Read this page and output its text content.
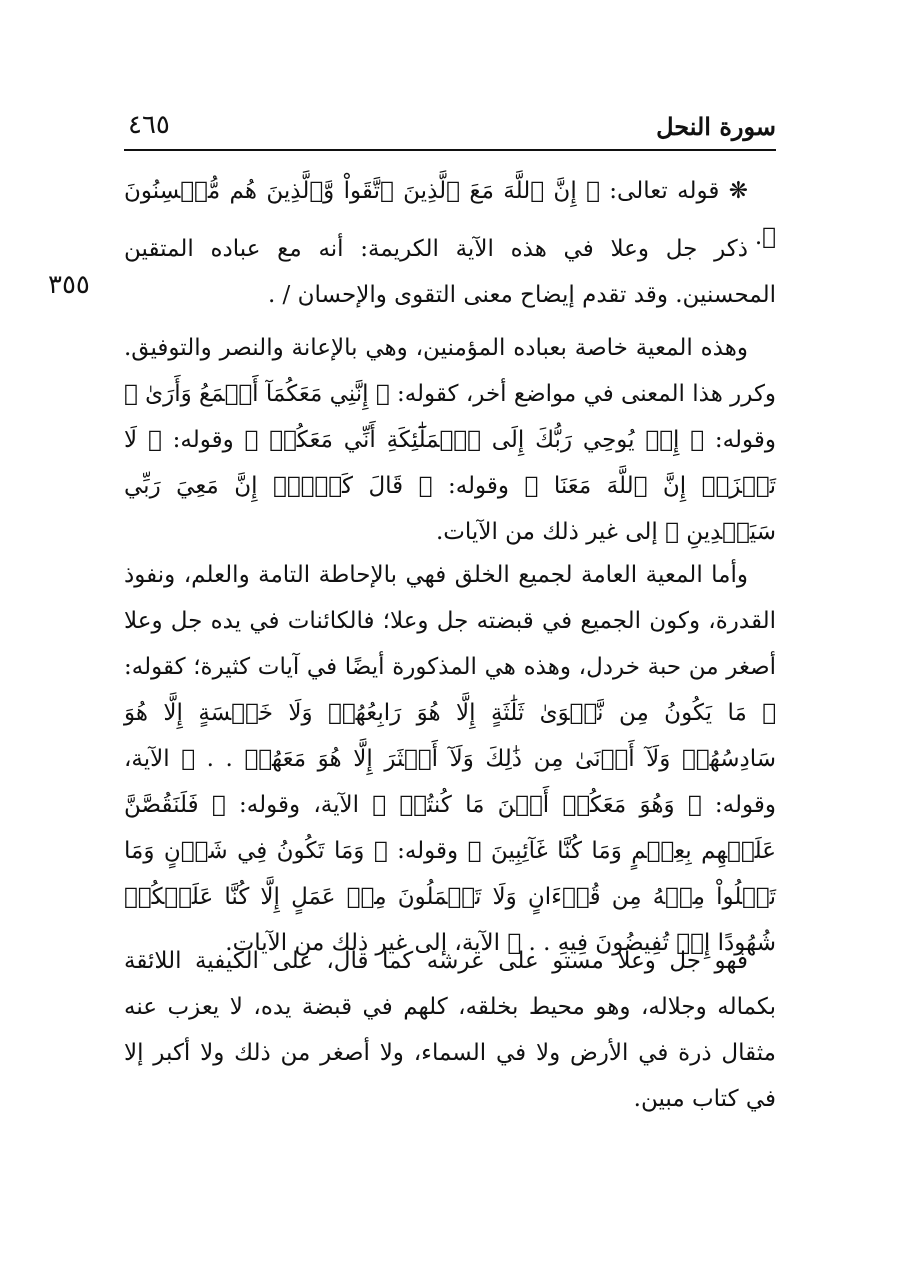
سورة النحل
٤٦٥
٣٥٥

❋ قوله تعالى: ﴿ إِنَّ ٱللَّهَ مَعَ ٱلَّذِينَ ٱتَّقَواْ وَّٱلَّذِينَ هُم مُّحۡسِنُونَ ﴾.

ذكر جل وعلا في هذه الآية الكريمة: أنه مع عباده المتقين المحسنين. وقد تقدم إيضاح معنى التقوى والإحسان / .

وهذه المعية خاصة بعباده المؤمنين، وهي بالإعانة والنصر والتوفيق. وكرر هذا المعنى في مواضع أخر، كقوله: ﴿ إِنَّنِي مَعَكُمَآ أَسۡمَعُ وَأَرَىٰ ﴾ وقوله: ﴿ إِذۡ يُوحِي رَبُّكَ إِلَى ٱلۡمَلَٰٓئِكَةِ أَنِّي مَعَكُمۡ ﴾ وقوله: ﴿ لَا تَحۡزَنۡ إِنَّ ٱللَّهَ مَعَنَا ﴾ وقوله: ﴿ قَالَ كَلَّآۖ إِنَّ مَعِيَ رَبِّي سَيَهۡدِينِ ﴾ إلى غير ذلك من الآيات.

وأما المعية العامة لجميع الخلق فهي بالإحاطة التامة والعلم، ونفوذ القدرة، وكون الجميع في قبضته جل وعلا؛ فالكائنات في يده جل وعلا أصغر من حبة خردل، وهذه هي المذكورة أيضًا في آيات كثيرة؛ كقوله: ﴿ مَا يَكُونُ مِن نَّجۡوَىٰ ثَلَٰثَةٍ إِلَّا هُوَ رَابِعُهُمۡ وَلَا خَمۡسَةٍ إِلَّا هُوَ سَادِسُهُمۡ وَلَآ أَدۡنَىٰ مِن ذَٰلِكَ وَلَآ أَكۡثَرَ إِلَّا هُوَ مَعَهُمۡ . . ﴾ الآية، وقوله: ﴿ وَهُوَ مَعَكُمۡ أَيۡنَ مَا كُنتُمۡ ﴾ الآية، وقوله: ﴿ فَلَنَقُصَّنَّ عَلَيۡهِم بِعِلۡمٍ وَمَا كُنَّا غَآئِبِينَ ﴾ وقوله: ﴿ وَمَا تَكُونُ فِي شَأۡنٍ وَمَا تَتۡلُواْ مِنۡهُ مِن قُرۡءَانٍ وَلَا تَعۡمَلُونَ مِنۡ عَمَلٍ إِلَّا كُنَّا عَلَيۡكُمۡ شُهُودًا إِذۡ تُفِيضُونَ فِيهِ . . ﴾ الآية، إلى غير ذلك من الآيات.

فهو جل وعلا مستو على عرشه كما قال، على الكيفية اللائقة بكماله وجلاله، وهو محيط بخلقه، كلهم في قبضة يده، لا يعزب عنه مثقال ذرة في الأرض ولا في السماء، ولا أصغر من ذلك ولا أكبر إلا في كتاب مبين.
